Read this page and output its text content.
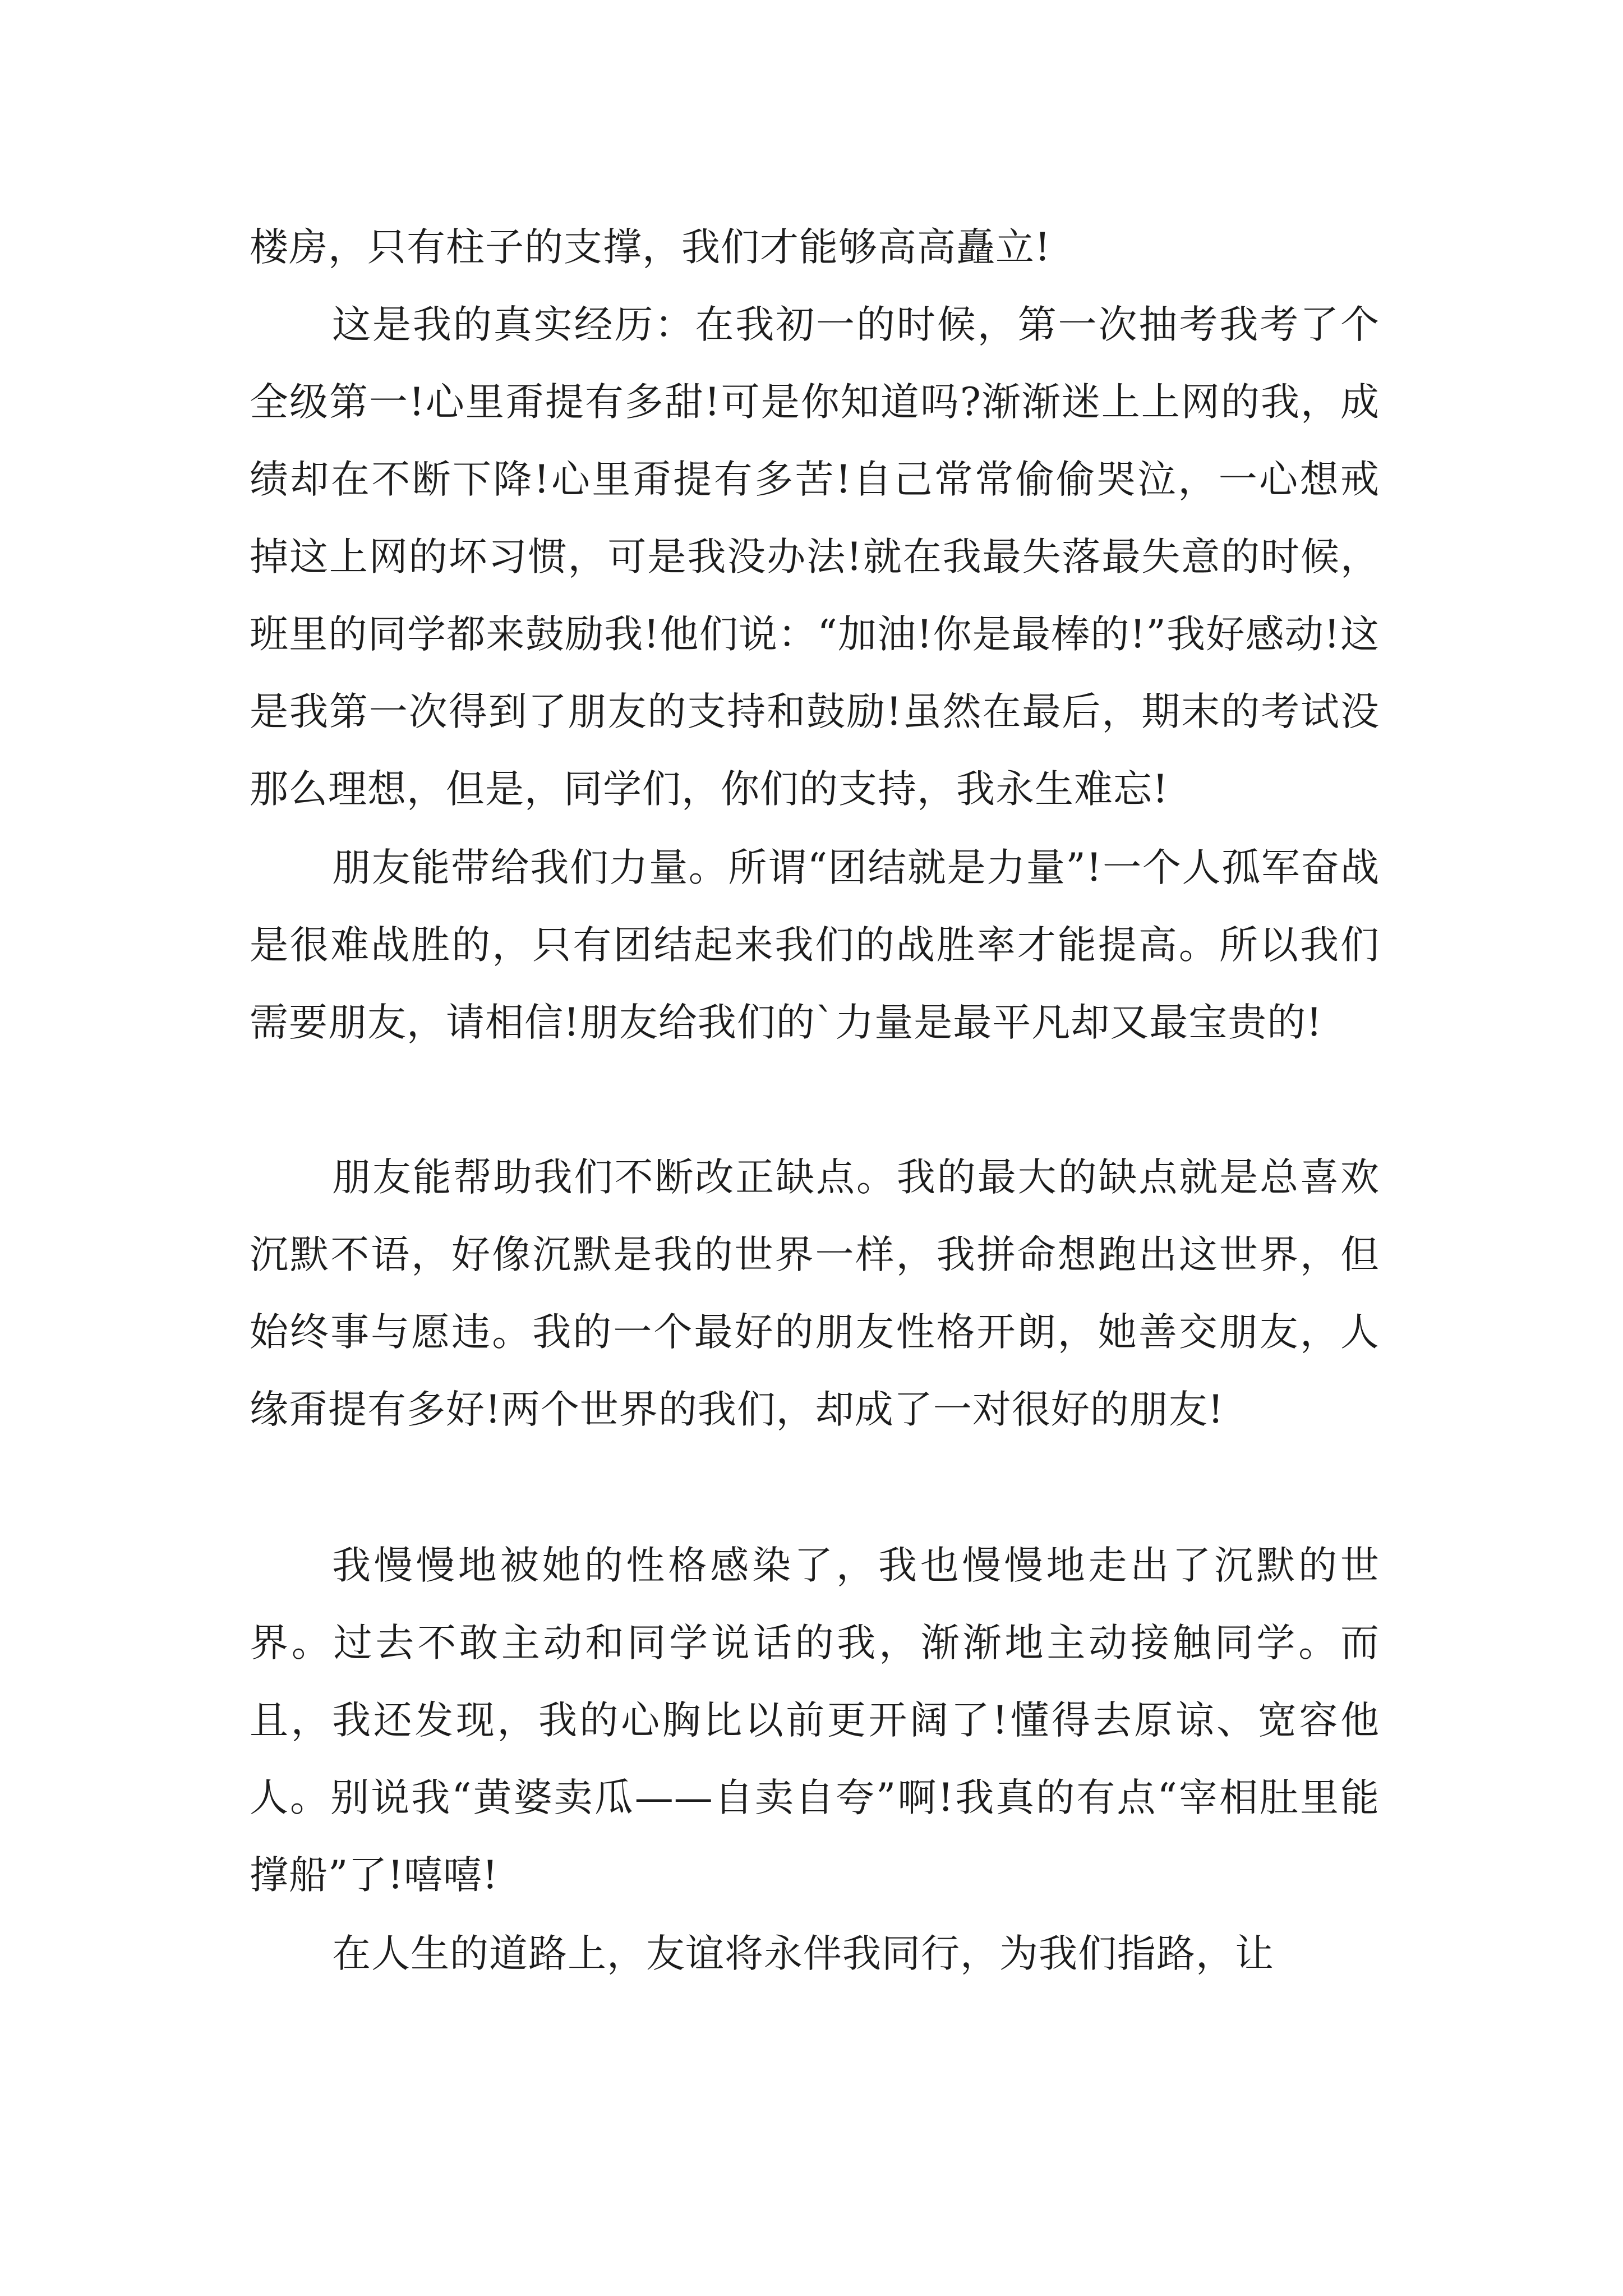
楼房，只有柱子的支撑，我们才能够高高矗立!

这是我的真实经历：在我初一的时候，第一次抽考我考了个全级第一!心里甭提有多甜!可是你知道吗?渐渐迷上上网的我，成绩却在不断下降!心里甭提有多苦!自己常常偷偷哭泣，一心想戒掉这上网的坏习惯，可是我没办法!就在我最失落最失意的时候，班里的同学都来鼓励我!他们说：“加油!你是最棒的!”我好感动!这是我第一次得到了朋友的支持和鼓励!虽然在最后，期末的考试没那么理想，但是，同学们，你们的支持，我永生难忘!

朋友能带给我们力量。所谓“团结就是力量”!一个人孤军奋战是很难战胜的，只有团结起来我们的战胜率才能提高。所以我们需要朋友，请相信!朋友给我们的`力量是最平凡却又最宝贵的!

朋友能帮助我们不断改正缺点。我的最大的缺点就是总喜欢沉默不语，好像沉默是我的世界一样，我拼命想跑出这世界，但始终事与愿违。我的一个最好的朋友性格开朗，她善交朋友，人缘甭提有多好!两个世界的我们，却成了一对很好的朋友!

我慢慢地被她的性格感染了，我也慢慢地走出了沉默的世界。过去不敢主动和同学说话的我，渐渐地主动接触同学。而且，我还发现，我的心胸比以前更开阔了!懂得去原谅、宽容他人。别说我“黄婆卖瓜——自卖自夸”啊!我真的有点“宰相肚里能撑船”了!嘻嘻!

在人生的道路上，友谊将永伴我同行，为我们指路，让
